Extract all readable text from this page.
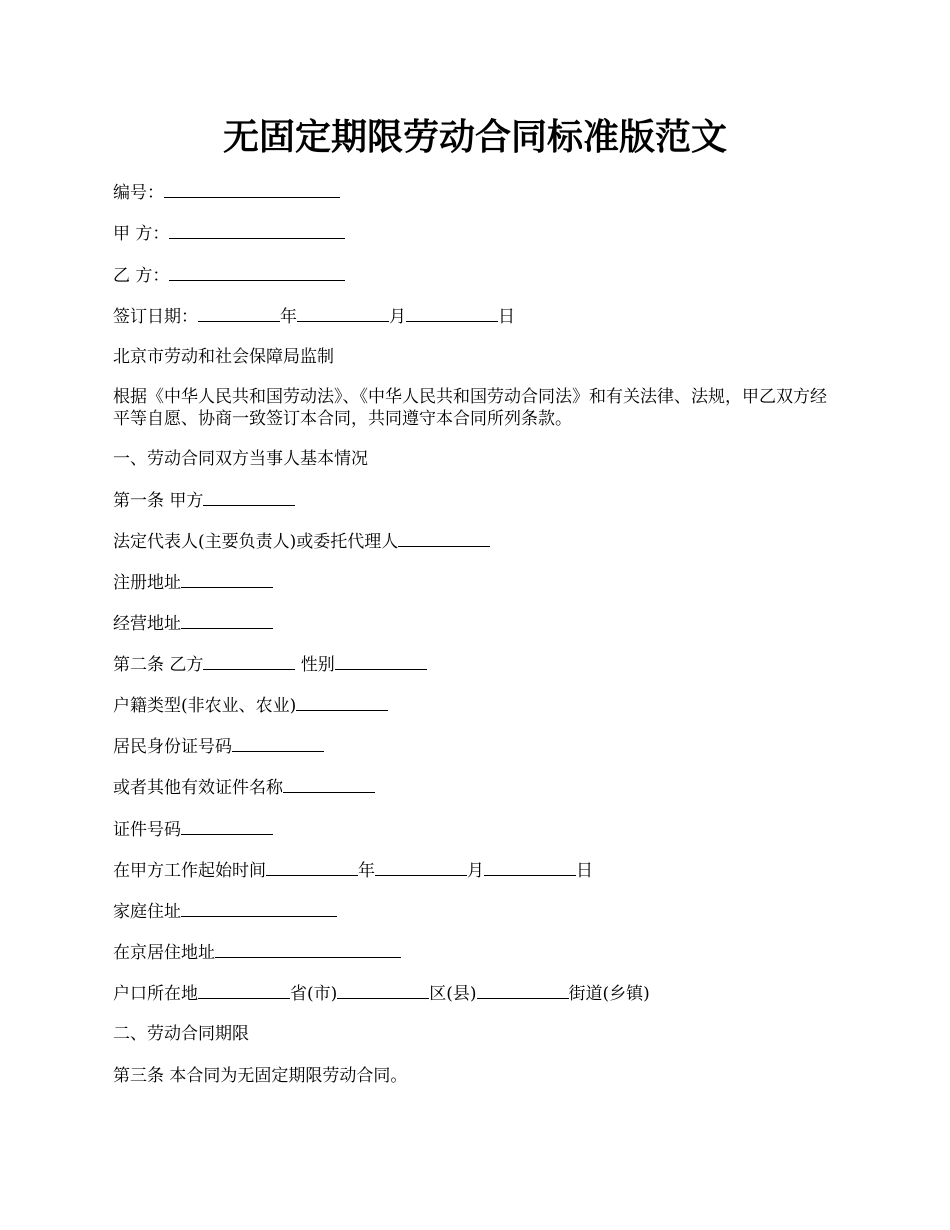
无固定期限劳动合同标准版范文
编号：
甲 方：
乙 方：
签订日期：	年	月	日
北京市劳动和社会保障局监制
根据《中华人民共和国劳动法》、《中华人民共和国劳动合同法》和有关法律、法规，甲乙双方经平等自愿、协商一致签订本合同，共同遵守本合同所列条款。
一、劳动合同双方当事人基本情况
第一条 甲方
法定代表人(主要负责人)或委托代理人
注册地址
经营地址
第二条 乙方	性别
户籍类型(非农业、农业)
居民身份证号码
或者其他有效证件名称
证件号码
在甲方工作起始时间	年	月	日
家庭住址
在京居住地址
户口所在地	省(市)	区(县)	街道(乡镇)
二、劳动合同期限
第三条 本合同为无固定期限劳动合同。
